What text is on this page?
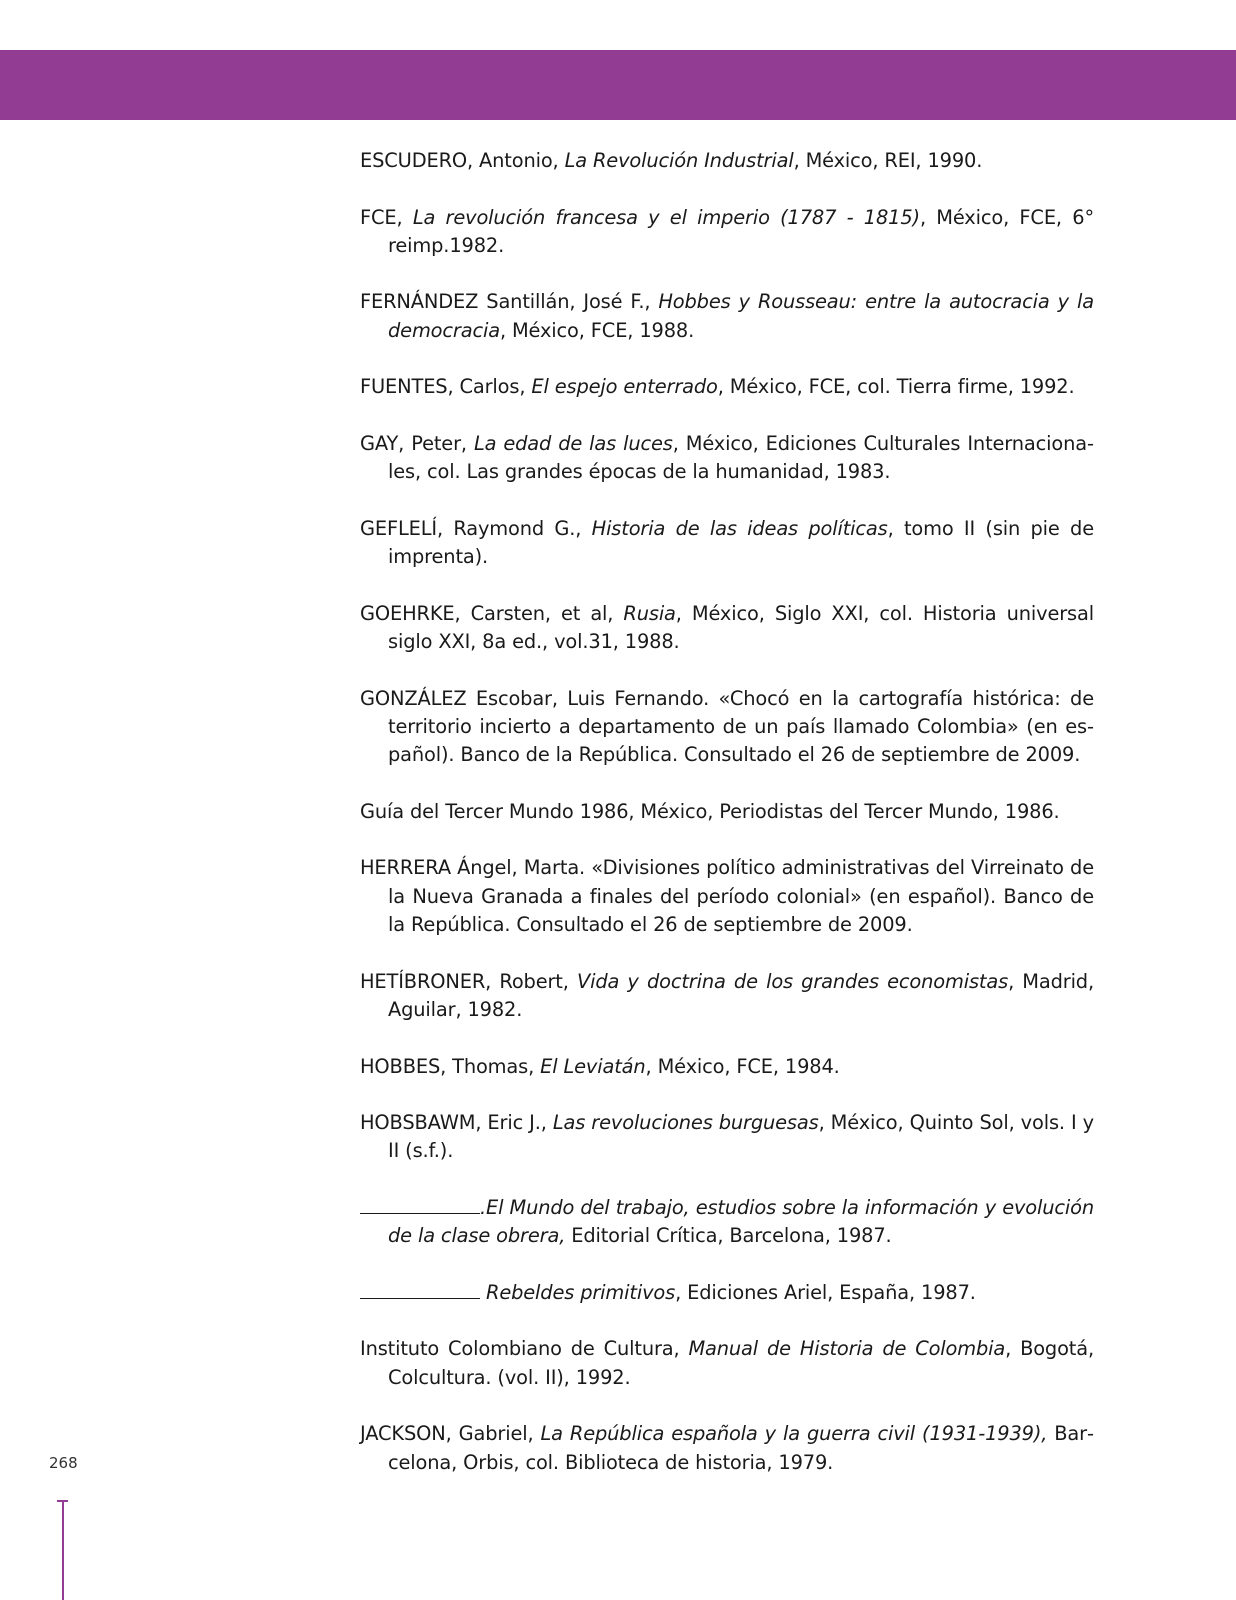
ESCUDERO, Antonio, La Revolución Industrial, México, REI, 1990.
FCE, La revolución francesa y el imperio (1787 - 1815), México, FCE, 6° reimp.1982.
FERNÁNDEZ Santillán, José F., Hobbes y Rousseau: entre la autocracia y la democracia, México, FCE, 1988.
FUENTES, Carlos, El espejo enterrado, México, FCE, col. Tierra firme, 1992.
GAY, Peter, La edad de las luces, México, Ediciones Culturales Internacionales, col. Las grandes épocas de la humanidad, 1983.
GEFLELÍ, Raymond G., Historia de las ideas políticas, tomo II (sin pie de imprenta).
GOEHRKE, Carsten, et al, Rusia, México, Siglo XXI, col. Historia universal siglo XXI, 8a ed., vol.31, 1988.
GONZÁLEZ Escobar, Luis Fernando. «Chocó en la cartografía histórica: de territorio incierto a departamento de un país llamado Colombia» (en español). Banco de la República. Consultado el 26 de septiembre de 2009.
Guía del Tercer Mundo 1986, México, Periodistas del Tercer Mundo, 1986.
HERRERA Ángel, Marta. «Divisiones político administrativas del Virreinato de la Nueva Granada a finales del período colonial» (en español). Banco de la República. Consultado el 26 de septiembre de 2009.
HETÍBRONER, Robert, Vida y doctrina de los grandes economistas, Madrid, Aguilar, 1982.
HOBBES, Thomas, El Leviatán, México, FCE, 1984.
HOBSBAWM, Eric J., Las revoluciones burguesas, México, Quinto Sol, vols. I y II (s.f.).
.El Mundo del trabajo, estudios sobre la información y evolución de la clase obrera, Editorial Crítica, Barcelona, 1987.
Rebeldes primitivos, Ediciones Ariel, España, 1987.
Instituto Colombiano de Cultura, Manual de Historia de Colombia, Bogotá, Colcultura. (vol. II), 1992.
JACKSON, Gabriel, La República española y la guerra civil (1931-1939), Barcelona, Orbis, col. Biblioteca de historia, 1979.
268
